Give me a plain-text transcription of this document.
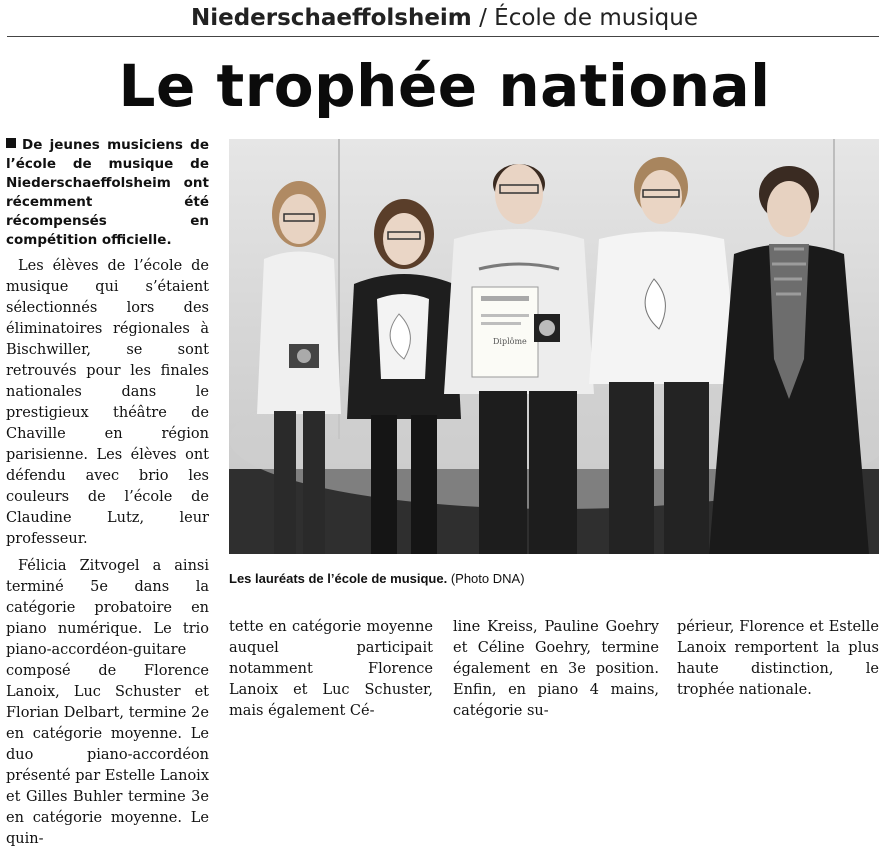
Niederschaeffolsheim / École de musique
Le trophée national
De jeunes musiciens de l’école de musique de Niederschaeffolsheim ont récemment été récompensés en compétition officielle.

Les élèves de l’école de musique qui s’étaient sélectionnés lors des éliminatoires régionales à Bischwiller, se sont retrouvés pour les finales nationales dans le prestigieux théâtre de Chaville en région parisienne. Les élèves ont défendu avec brio les couleurs de l’école de Claudine Lutz, leur professeur.

Félicia Zitvogel a ainsi terminé 5e dans la catégorie probatoire en piano numérique. Le trio piano-accordéon-guitare composé de Florence Lanoix, Luc Schuster et Florian Delbart, termine 2e en catégorie moyenne. Le duo piano-accordéon présenté par Estelle Lanoix et Gilles Buhler termine 3e en catégorie moyenne. Le quin-

Diplôme
Les lauréats de l’école de musique. (Photo DNA)

tette en catégorie moyenne auquel participait notamment Florence Lanoix et Luc Schuster, mais également Cé-

line Kreiss, Pauline Goehry et Céline Goehry, termine également en 3e position. Enfin, en piano 4 mains, catégorie su-

périeur, Florence et Estelle Lanoix remportent la plus haute distinction, le trophée nationale.
